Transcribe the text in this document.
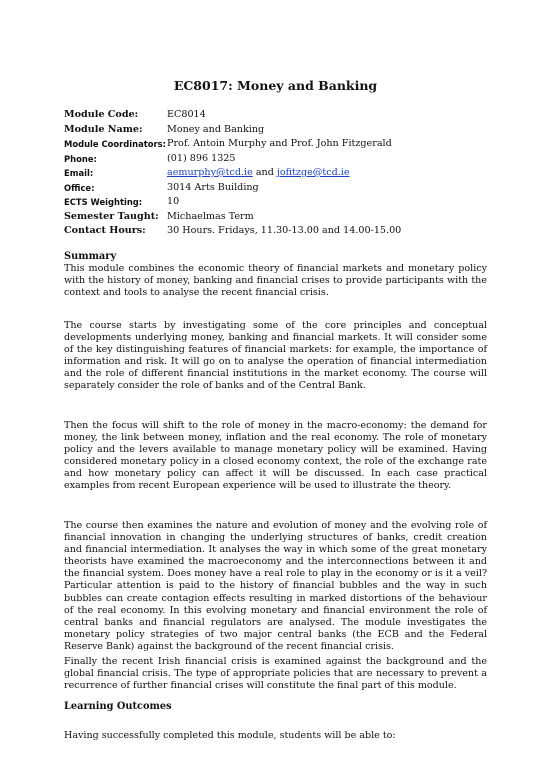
EC8017: Money and Banking
Module Code:	EC8014
Module Name:	Money and Banking
Module Coordinators: Prof. Antoin Murphy and Prof. John Fitzgerald
Phone:	(01) 896 1325
Email:	aemurphy@tcd.ie and jofitzge@tcd.ie
Office:	3014 Arts Building
ECTS Weighting:	10
Semester Taught: Michaelmas Term
Contact Hours:	30 Hours. Fridays, 11.30-13.00 and 14.00-15.00

Summary

This module combines the economic theory of financial markets and monetary policy with the history of money, banking and financial crises to provide participants with the context and tools to analyse the recent financial crisis.

The course starts by investigating some of the core principles and conceptual developments underlying money, banking and financial markets. It will consider some of the key distinguishing features of financial markets: for example, the importance of information and risk. It will go on to analyse the operation of financial intermediation and the role of different financial institutions in the market economy. The course will separately consider the role of banks and of the Central Bank.

Then the focus will shift to the role of money in the macro-economy: the demand for money, the link between money, inflation and the real economy. The role of monetary policy and the levers available to manage monetary policy will be examined. Having considered monetary policy in a closed economy context, the role of the exchange rate and how monetary policy can affect it will be discussed. In each case practical examples from recent European experience will be used to illustrate the theory.

The course then examines the nature and evolution of money and the evolving role of financial innovation in changing the underlying structures of banks, credit creation and financial intermediation. It analyses the way in which some of the great monetary theorists have examined the macroeconomy and the interconnections between it and the financial system. Does money have a real role to play in the economy or is it a veil? Particular attention is paid to the history of financial bubbles and the way in such bubbles can create contagion effects resulting in marked distortions of the behaviour of the real economy. In this evolving monetary and financial environment the role of central banks and financial regulators are analysed. The module investigates the monetary policy strategies of two major central banks (the ECB and the Federal Reserve Bank) against the background of the recent financial crisis.

Finally the recent Irish financial crisis is examined against the background and the global financial crisis. The type of appropriate policies that are necessary to prevent a recurrence of further financial crises will constitute the final part of this module.

Learning Outcomes

Having successfully completed this module, students will be able to:
